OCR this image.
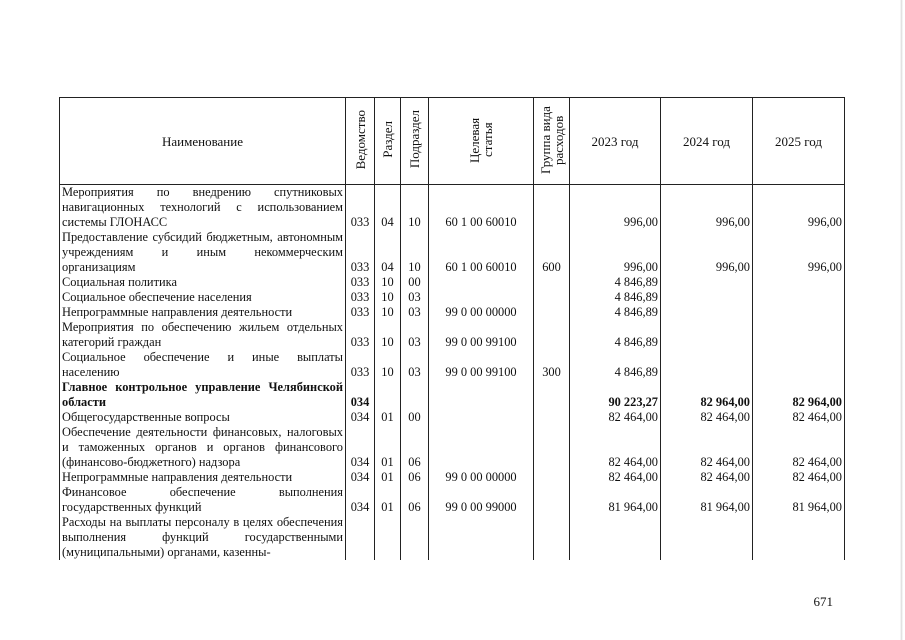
Наименование	Ведомство	Раздел	Подраздел	Целевая статья	Группа вида расходов	2023 год	2024 год	2025 год
Мероприятия по внедрению спутниковых навигационных технологий с использованием системы ГЛОНАСС	033	04	10	60 1 00 60010		996,00	996,00	996,00
Предоставление субсидий бюджетным, автономным учреждениям и иным некоммерческим организациям	033	04	10	60 1 00 60010	600	996,00	996,00	996,00
Социальная политика	033	10	00			4 846,89		
Социальное обеспечение населения	033	10	03			4 846,89		
Непрограммные направления деятельности	033	10	03	99 0 00 00000		4 846,89		
Мероприятия по обеспечению жильем отдельных категорий граждан	033	10	03	99 0 00 99100		4 846,89		
Социальное обеспечение и иные выплаты населению	033	10	03	99 0 00 99100	300	4 846,89		
Главное контрольное управление Челябинской области	034					90 223,27	82 964,00	82 964,00
Общегосударственные вопросы	034	01	00			82 464,00	82 464,00	82 464,00
Обеспечение деятельности финансовых, налоговых и таможенных органов и органов финансового (финансово-бюджетного) надзора	034	01	06			82 464,00	82 464,00	82 464,00
Непрограммные направления деятельности	034	01	06	99 0 00 00000		82 464,00	82 464,00	82 464,00
Финансовое обеспечение выполнения государственных функций	034	01	06	99 0 00 99000		81 964,00	81 964,00	81 964,00
Расходы на выплаты персоналу в целях обеспечения выполнения функций государственными (муниципальными) органами, казенны-								
671
